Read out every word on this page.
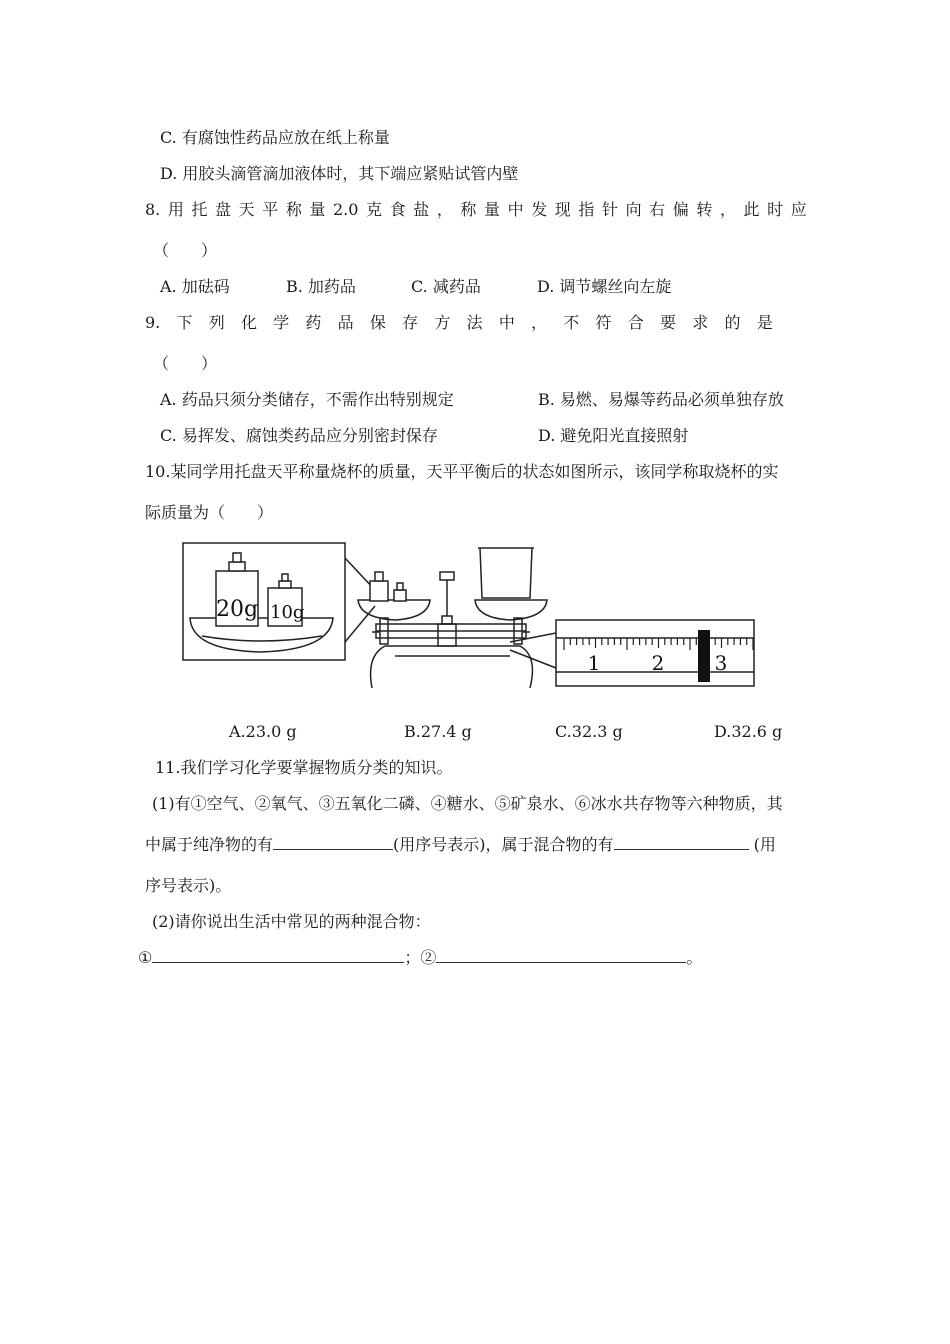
C. 有腐蚀性药品应放在纸上称量
D. 用胶头滴管滴加液体时，其下端应紧贴试管内壁
8. 用 托 盘 天 平 称 量 2.0 克 食 盐 ， 称 量 中 发 现 指 针 向 右 偏 转 ， 此 时 应
（　　）
A. 加砝码	B. 加药品	C. 减药品	D. 调节螺丝向左旋
9. 下 列 化 学 药 品 保 存 方 法 中 ， 不 符 合 要 求 的 是
（　　）
A. 药品只须分类储存，不需作出特别规定	B. 易燃、易爆等药品必须单独存放
C. 易挥发、腐蚀类药品应分别密封保存	D. 避免阳光直接照射
10.某同学用托盘天平称量烧杯的质量，天平平衡后的状态如图所示，该同学称取烧杯的实
际质量为（　　）
20g 10g
1	2	3
A.23.0 g	B.27.4 g	C.32.3 g	D.32.6 g
11.我们学习化学要掌握物质分类的知识。
(1)有①空气、②氧气、③五氧化二磷、④糖水、⑤矿泉水、⑥冰水共存物等六种物质，其
中属于纯净物的有	(用序号表示)，属于混合物的有	(用
序号表示)。
(2)请你说出生活中常见的两种混合物：
①	；②	。
